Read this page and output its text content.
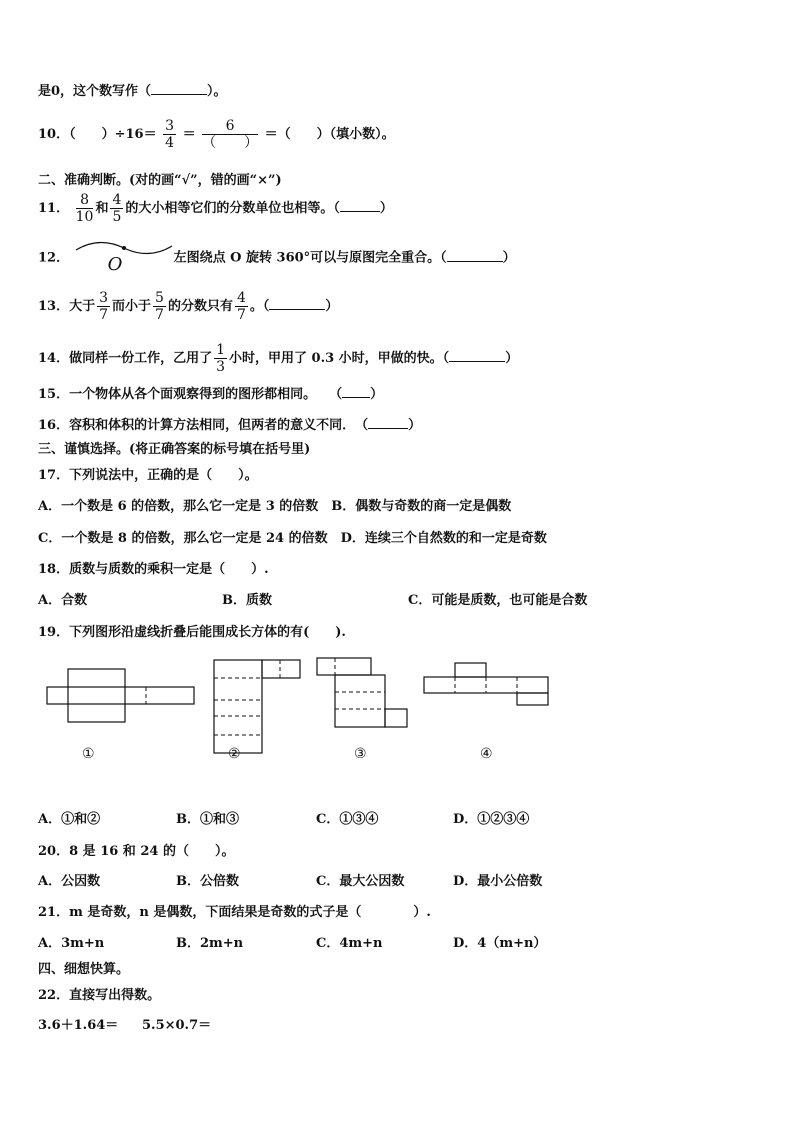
是0，这个数写作（	）。
10．（　　）$\div 16= \frac{3}{4} = \frac{6}{( )}$ ＝（　　）（填小数）。
二、准确判断。(对的画“√”，错的画“×”)
11． $\frac{8}{10}$ 和 $\frac{4}{5}$ 的大小相等它们的分数单位也相等。（	）
12． O	左图绕点 O 旋转 360°可以与原图完全重合。（	）
13．大于 $\frac{3}{7}$ 而小于 $\frac{5}{7}$ 的分数只有 $\frac{4}{7}$ 。（	）
14．做同样一份工作，乙用了 $\frac{1}{3}$ 小时，甲用了 0.3 小时，甲做的快。（	）
15．一个物体从各个面观察得到的图形都相同。　　（ ）
16．容积和体积的计算方法相同，但两者的意义不同．　（	）
三、谨慎选择。(将正确答案的标号填在括号里)
17．下列说法中，正确的是（　　）。
A．一个数是 6 的倍数，那么它一定是 3 的倍数　B．偶数与奇数的商一定是偶数
C．一个数是 8 的倍数，那么它一定是 24 的倍数　D．连续三个自然数的和一定是奇数
18．质数与质数的乘积一定是（　　）.
A．合数	B．质数	C．可能是质数，也可能是合数
19．下列图形沿虚线折叠后能围成长方体的有(　　).
①	②	③	④
A．①和②	B．①和③	C．①③④	D．①②③④
20．8 是 16 和 24 的（　　）。
A．公因数	B．公倍数	C．最大公因数	D．最小公倍数
21．m 是奇数，n 是偶数，下面结果是奇数的式子是（　　　　）.
A．3m+n	B．2m+n	C．4m+n	D．4（m+n）
四、细想快算。
22．直接写出得数。
3.6＋1.64＝ 5.5×0.7＝
